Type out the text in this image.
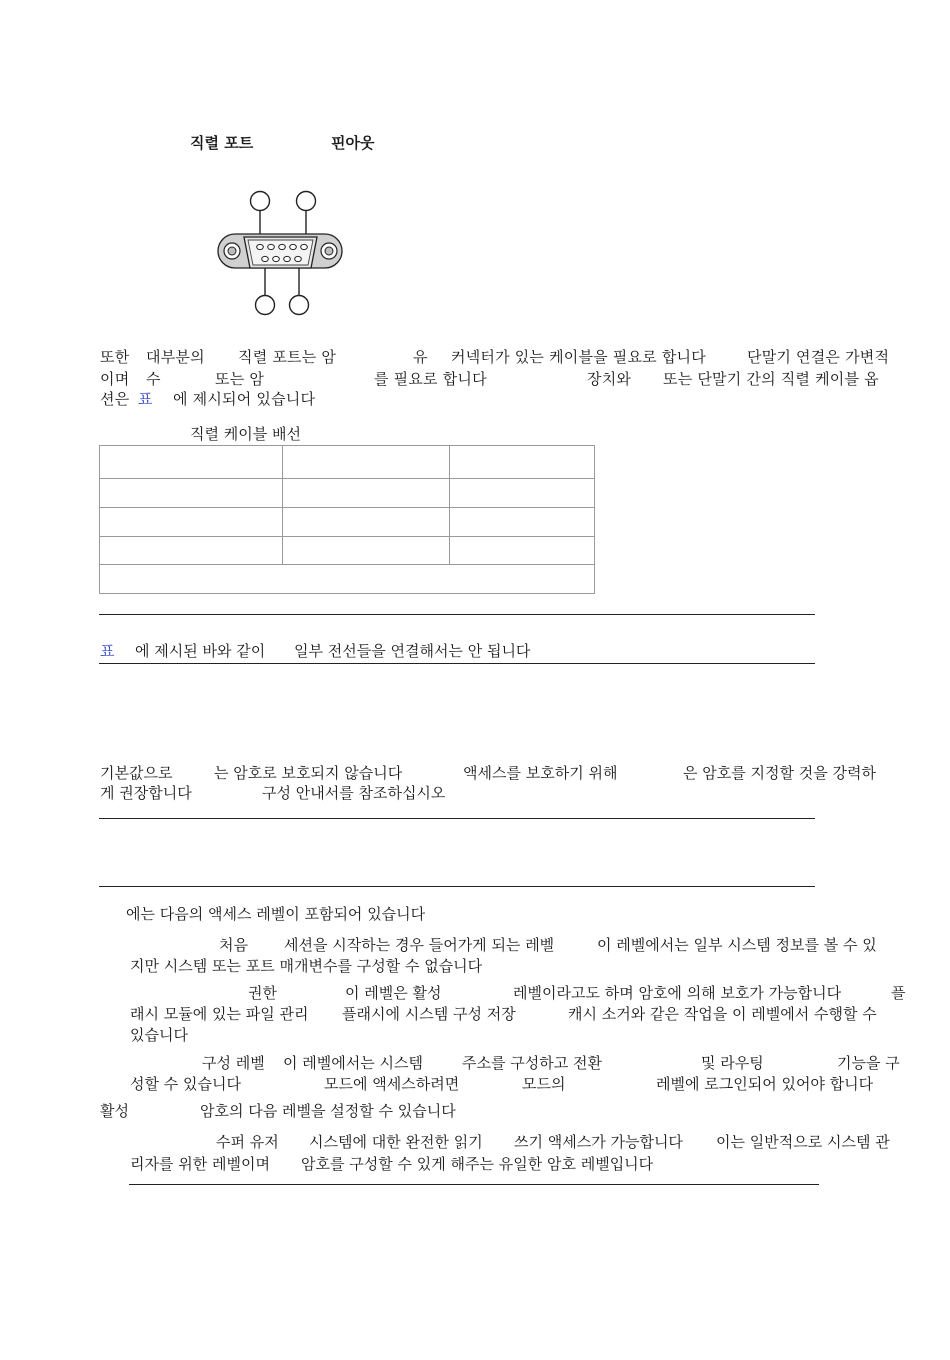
직렬 포트	핀아웃
또한 대부분의 직렬 포트는 암	유 커넥터가 있는 케이블을 필요로 합니다	단말기 연결은 가변적
이며 수	또는 암	를 필요로 합니다	장치와 또는 단말기 간의 직렬 케이블 옵
션은 표 에 제시되어 있습니다
직렬 케이블 배선

표 에 제시된 바와 같이 일부 전선들을 연결해서는 안 됩니다
기본값으로	는 암호로 보호되지 않습니다	액세스를 보호하기 위해	은 암호를 지정할 것을 강력하
게 권장합니다	구성 안내서를 참조하십시오
에는 다음의 액세스 레벨이 포함되어 있습니다
처음 세션을 시작하는 경우 들어가게 되는 레벨	이 레벨에서는 일부 시스템 정보를 볼 수 있
지만 시스템 또는 포트 매개변수를 구성할 수 없습니다
권한	이 레벨은 활성	레벨이라고도 하며 암호에 의해 보호가 가능합니다	플
래시 모듈에 있는 파일 관리 플래시에 시스템 구성 저장	캐시 소거와 같은 작업을 이 레벨에서 수행할 수
있습니다
구성 레벨 이 레벨에서는 시스템	주소를 구성하고 전환	및 라우팅	기능을 구
성할 수 있습니다	모드에 액세스하려면	모드의	레벨에 로그인되어 있어야 합니다
활성	암호의 다음 레벨을 설정할 수 있습니다
수퍼 유저 시스템에 대한 완전한 읽기 쓰기 액세스가 가능합니다 이는 일반적으로 시스템 관
리자를 위한 레벨이며 암호를 구성할 수 있게 해주는 유일한 암호 레벨입니다
